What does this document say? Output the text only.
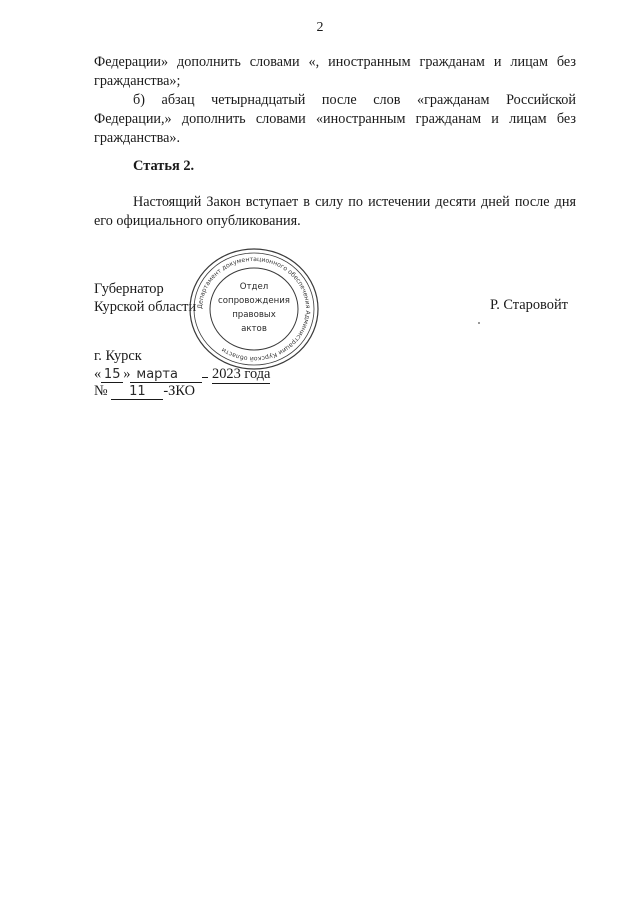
2

Федерации» дополнить словами «, иностранным гражданам и лицам без гражданства»;

б) абзац четырнадцатый после слов «гражданам Российской Федерации,» дополнить словами «иностранным гражданам и лицам без гражданства».

Статья 2.

Настоящий Закон вступает в силу по истечении десяти дней после дня его официального опубликования.

Губернатор
Курской области Департамент документационного обеспечения Администрации Курской области
Отдел
сопровождения
правовых
актов
Р. Старовойт
г. Курск
« 15 » марта 2023 года
№ 11 -ЗКО
